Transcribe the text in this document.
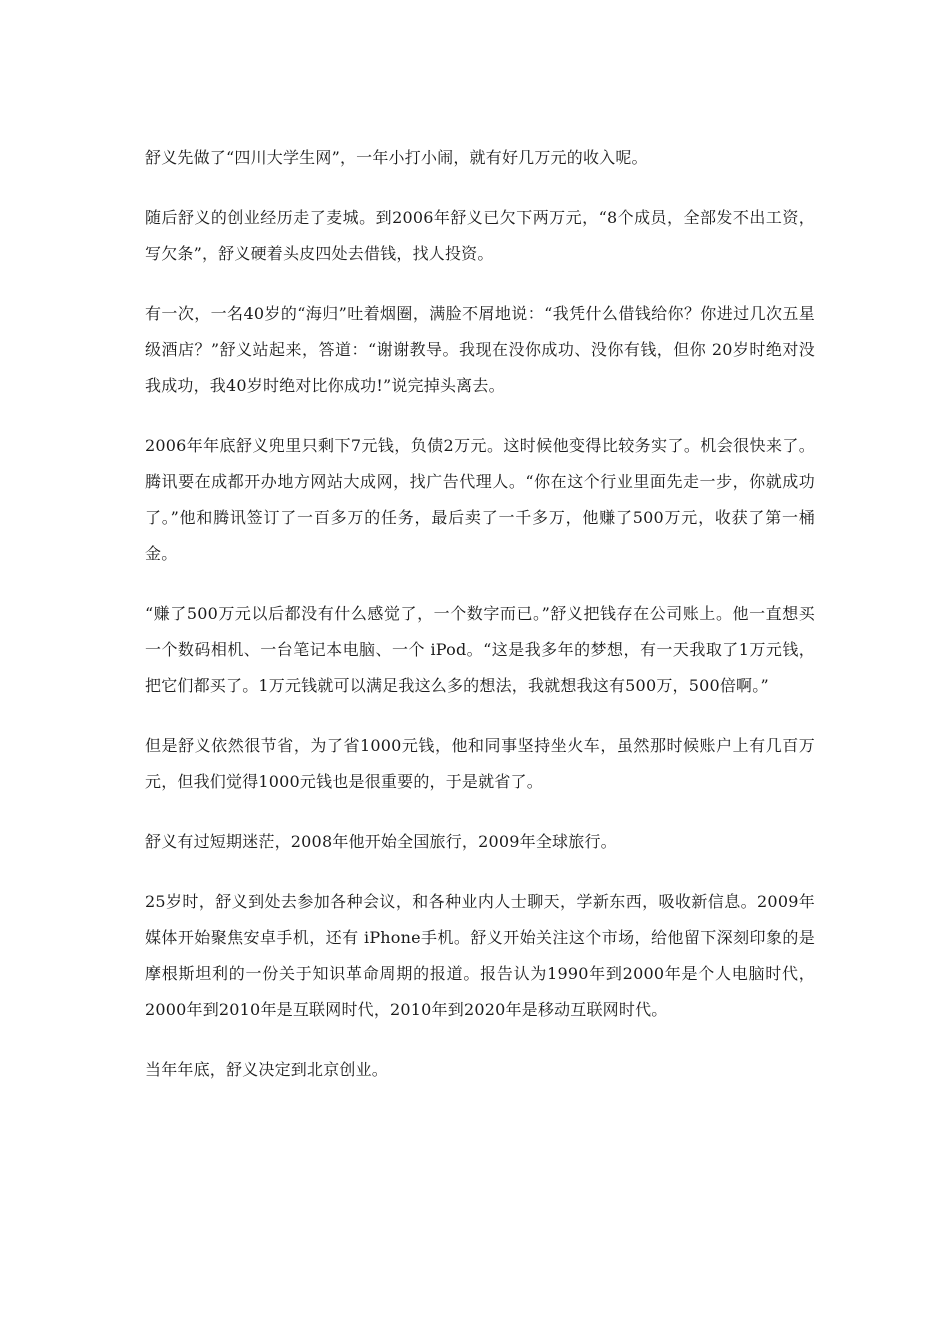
舒义先做了“四川大学生网”，一年小打小闹，就有好几万元的收入呢。

随后舒义的创业经历走了麦城。到2006年舒义已欠下两万元，“8个成员，全部发不出工资，写欠条”，舒义硬着头皮四处去借钱，找人投资。

有一次，一名40岁的“海归”吐着烟圈，满脸不屑地说：“我凭什么借钱给你？你进过几次五星级酒店？”舒义站起来，答道：“谢谢教导。我现在没你成功、没你有钱，但你 20岁时绝对没我成功，我40岁时绝对比你成功!”说完掉头离去。

2006年年底舒义兜里只剩下7元钱，负债2万元。这时候他变得比较务实了。机会很快来了。腾讯要在成都开办地方网站大成网，找广告代理人。“你在这个行业里面先走一步，你就成功了。”他和腾讯签订了一百多万的任务，最后卖了一千多万，他赚了500万元，收获了第一桶金。

“赚了500万元以后都没有什么感觉了，一个数字而已。”舒义把钱存在公司账上。他一直想买一个数码相机、一台笔记本电脑、一个 iPod。“这是我多年的梦想，有一天我取了1万元钱，把它们都买了。1万元钱就可以满足我这么多的想法，我就想我这有500万，500倍啊。”

但是舒义依然很节省，为了省1000元钱，他和同事坚持坐火车，虽然那时候账户上有几百万元，但我们觉得1000元钱也是很重要的，于是就省了。

舒义有过短期迷茫，2008年他开始全国旅行，2009年全球旅行。

25岁时，舒义到处去参加各种会议，和各种业内人士聊天，学新东西，吸收新信息。2009年媒体开始聚焦安卓手机，还有 iPhone手机。舒义开始关注这个市场，给他留下深刻印象的是摩根斯坦利的一份关于知识革命周期的报道。报告认为1990年到2000年是个人电脑时代，2000年到2010年是互联网时代，2010年到2020年是移动互联网时代。

当年年底，舒义决定到北京创业。
